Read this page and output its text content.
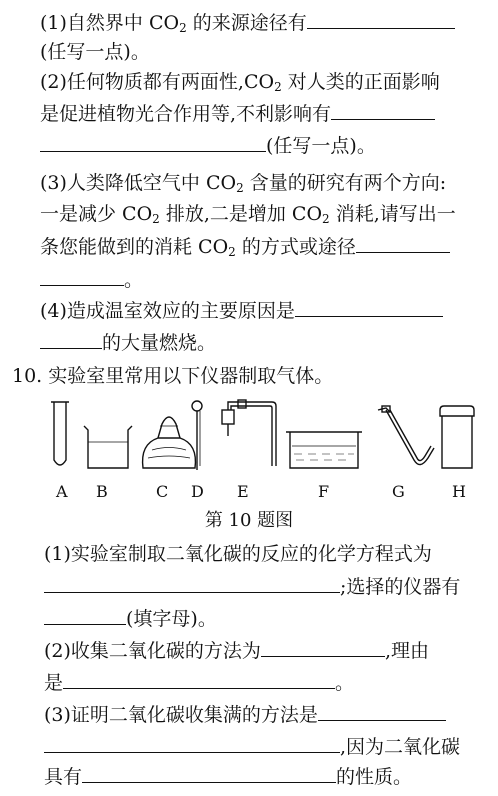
(1)自然界中 $CO_2$ 的来源途径有
(任写一点)。
(2)任何物质都有两面性$,CO_2$ 对人类的正面影响
是促进植物光合作用等,不利影响有
(任写一点)。
(3)人类降低空气中 $CO_2$ 含量的研究有两个方向:
一是减少 $CO_2$ 排放,二是增加 $CO_2$ 消耗,请写出一
条您能做到的消耗 $CO_2$ 的方式或途径
。
(4)造成温室效应的主要原因是
的大量燃烧。
10. 实验室里常用以下仪器制取气体。
A B	C D E	F	G	H
第 10 题图
(1)实验室制取二氧化碳的反应的化学方程式为
;选择的仪器有
(填字母)。
(2)收集二氧化碳的方法为	,理由
是	。
(3)证明二氧化碳收集满的方法是
,因为二氧化碳
具有	的性质。
